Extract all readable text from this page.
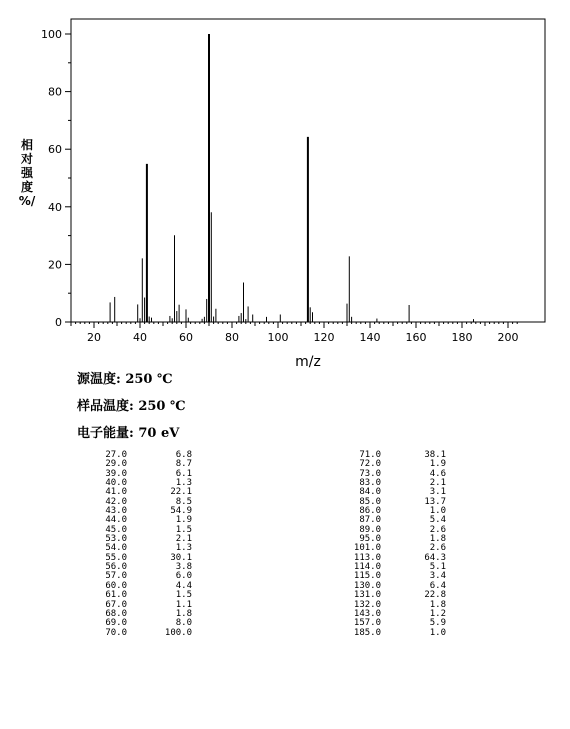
0
20
40
60
80
100
20	40	60	80	100 120 140 160 180 200
m/z
相
对
强
度
%/
源温度: 250 ℃
样品温度: 250 ℃
电子能量: 70 eV
27.0	6.8
29.0	8.7
39.0	6.1
40.0	1.3
41.0	22.1
42.0	8.5
43.0	54.9
44.0	1.9
45.0	1.5
53.0	2.1
54.0	1.3
55.0	30.1
56.0	3.8
57.0	6.0
60.0	4.4
61.0	1.5
67.0	1.1
68.0	1.8
69.0	8.0
70.0	100.0
71.0	38.1
72.0	1.9
73.0	4.6
83.0	2.1
84.0	3.1
85.0	13.7
86.0	1.0
87.0	5.4
89.0	2.6
95.0	1.8
101.0	2.6
113.0	64.3
114.0	5.1
115.0	3.4
130.0	6.4
131.0	22.8
132.0	1.8
143.0	1.2
157.0	5.9
185.0	1.0
